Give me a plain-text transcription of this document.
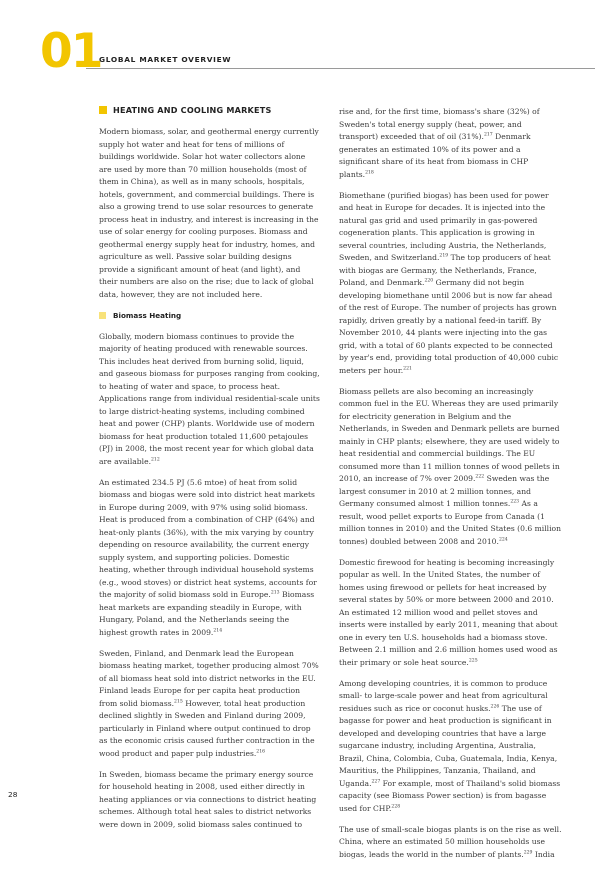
01
GLOBAL MARKET OVERVIEW
HEATING AND COOLING MARKETS

Modern biomass, solar, and geothermal energy currently supply hot water and heat for tens of millions of buildings worldwide. Solar hot water collectors alone are used by more than 70 million households (most of them in China), as well as in many schools, hospitals, hotels, government, and commercial buildings. There is also a growing trend to use solar resources to generate process heat in industry, and interest is increasing in the use of solar energy for cooling purposes. Biomass and geothermal energy supply heat for industry, homes, and agriculture as well. Passive solar building designs provide a significant amount of heat (and light), and their numbers are also on the rise; due to lack of global data, however, they are not included here.

Biomass Heating

Globally, modern biomass continues to provide the majority of heating produced with renewable sources. This includes heat derived from burning solid, liquid, and gaseous biomass for purposes ranging from cooking, to heating of water and space, to process heat. Applications range from individual residential-scale units to large district-heating systems, including combined heat and power (CHP) plants. Worldwide use of modern biomass for heat production totaled 11,600 petajoules (PJ) in 2008, the most recent year for which global data are available.$^{212}$

An estimated 234.5 PJ (5.6 mtoe) of heat from solid biomass and biogas were sold into district heat markets in Europe during 2009, with 97% using solid biomass. Heat is produced from a combination of CHP (64%) and heat-only plants (36%), with the mix varying by country depending on resource availability, the current energy supply system, and supporting policies. Domestic heating, whether through individual household systems (e.g., wood stoves) or district heat systems, accounts for the majority of solid biomass sold in Europe.$^{213}$ Biomass heat markets are expanding steadily in Europe, with Hungary, Poland, and the Netherlands seeing the highest growth rates in 2009.$^{214}$

Sweden, Finland, and Denmark lead the European biomass heating market, together producing almost 70% of all biomass heat sold into district networks in the EU. Finland leads Europe for per capita heat production from solid biomass.$^{215}$ However, total heat production declined slightly in Sweden and Finland during 2009, particularly in Finland where output continued to drop as the economic crisis caused further contraction in the wood product and paper pulp industries.$^{216}$

In Sweden, biomass became the primary energy source for household heating in 2008, used either directly in heating appliances or via connections to district heating schemes. Although total heat sales to district networks were down in 2009, solid biomass sales continued to

rise and, for the first time, biomass's share (32%) of Sweden's total energy supply (heat, power, and transport) exceeded that of oil (31%).$^{217}$ Denmark generates an estimated 10% of its power and a significant share of its heat from biomass in CHP plants.$^{218}$

Biomethane (purified biogas) has been used for power and heat in Europe for decades. It is injected into the natural gas grid and used primarily in gas-powered cogeneration plants. This application is growing in several countries, including Austria, the Netherlands, Sweden, and Switzerland.$^{219}$ The top producers of heat with biogas are Germany, the Netherlands, France, Poland, and Denmark.$^{220}$ Germany did not begin developing biomethane until 2006 but is now far ahead of the rest of Europe. The number of projects has grown rapidly, driven greatly by a national feed-in tariff. By November 2010, 44 plants were injecting into the gas grid, with a total of 60 plants expected to be connected by year's end, providing total production of 40,000 cubic meters per hour.$^{221}$

Biomass pellets are also becoming an increasingly common fuel in the EU. Whereas they are used primarily for electricity generation in Belgium and the Netherlands, in Sweden and Denmark pellets are burned mainly in CHP plants; elsewhere, they are used widely to heat residential and commercial buildings. The EU consumed more than 11 million tonnes of wood pellets in 2010, an increase of 7% over 2009.$^{222}$ Sweden was the largest consumer in 2010 at 2 million tonnes, and Germany consumed almost 1 million tonnes.$^{223}$ As a result, wood pellet exports to Europe from Canada (1 million tonnes in 2010) and the United States (0.6 million tonnes) doubled between 2008 and 2010.$^{224}$

Domestic firewood for heating is becoming increasingly popular as well. In the United States, the number of homes using firewood or pellets for heat increased by several states by 50% or more between 2000 and 2010. An estimated 12 million wood and pellet stoves and inserts were installed by early 2011, meaning that about one in every ten U.S. households had a biomass stove. Between 2.1 million and 2.6 million homes used wood as their primary or sole heat source.$^{225}$

Among developing countries, it is common to produce small- to large-scale power and heat from agricultural residues such as rice or coconut husks.$^{226}$ The use of bagasse for power and heat production is significant in developed and developing countries that have a large sugarcane industry, including Argentina, Australia, Brazil, China, Colombia, Cuba, Guatemala, India, Kenya, Mauritius, the Philippines, Tanzania, Thailand, and Uganda.$^{227}$ For example, most of Thailand's solid biomass capacity (see Biomass Power section) is from bagasse used for CHP.$^{228}$

The use of small-scale biogas plants is on the rise as well. China, where an estimated 50 million households use biogas, leads the world in the number of plants.$^{229}$ India

28
